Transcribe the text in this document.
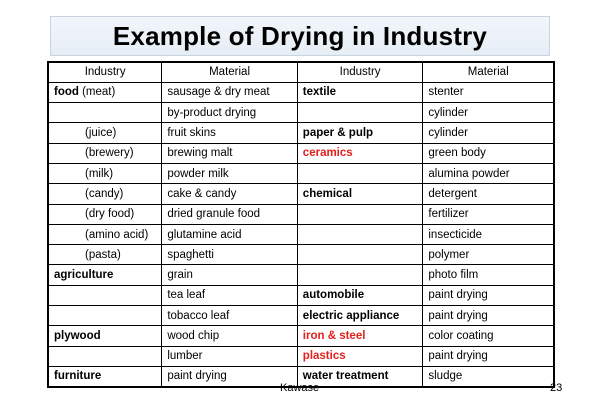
Example of Drying in Industry
Industry	Material	Industry	Material
food (meat)	sausage & dry meat	textile	stenter
	by-product drying		cylinder
(juice)	fruit skins	paper & pulp	cylinder
(brewery)	brewing malt	ceramics	green body
(milk)	powder milk		alumina powder
(candy)	cake & candy	chemical	detergent
(dry food)	dried granule food		fertilizer
(amino acid)	glutamine acid		insecticide
(pasta)	spaghetti		polymer
agriculture	grain		photo film
	tea leaf	automobile	paint drying
	tobacco leaf	electric appliance	paint drying
plywood	wood chip	iron & steel	color coating
	lumber	plastics	paint drying
furniture	paint drying	water treatment	sludge
Kawase	23
